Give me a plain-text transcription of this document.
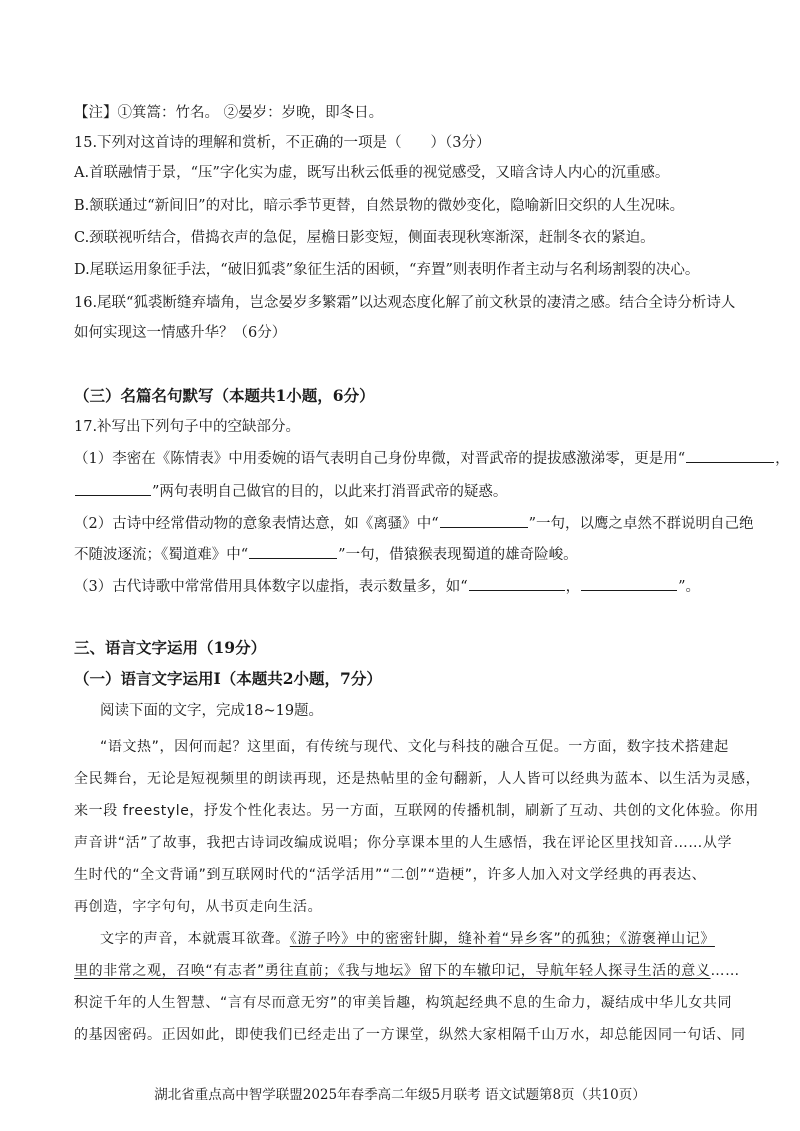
【注】①箕篙：竹名。 ②晏岁：岁晚，即冬日。
15.下列对这首诗的理解和赏析，不正确的一项是（　　）（3分）
A.首联融情于景，“压”字化实为虚，既写出秋云低垂的视觉感受，又暗含诗人内心的沉重感。
B.颔联通过“新间旧”的对比，暗示季节更替，自然景物的微妙变化，隐喻新旧交织的人生况味。
C.颈联视听结合，借捣衣声的急促，屋檐日影变短，侧面表现秋寒渐深，赶制冬衣的紧迫。
D.尾联运用象征手法，“破旧狐裘”象征生活的困顿，“弃置”则表明作者主动与名利场割裂的决心。
16.尾联“狐裘断缝弃墙角，岂念晏岁多繁霜”以达观态度化解了前文秋景的凄清之感。结合全诗分析诗人
如何实现这一情感升华？（6分）
（三）名篇名句默写（本题共1小题，6分）
17.补写出下列句子中的空缺部分。
（1）李密在《陈情表》中用委婉的语气表明自己身份卑微，对晋武帝的提拔感激涕零，更是用“	，
”两句表明自己做官的目的，以此来打消晋武帝的疑惑。
（2）古诗中经常借动物的意象表情达意，如《离骚》中“	”一句，以鹰之卓然不群说明自己绝
不随波逐流；《蜀道难》中“	”一句，借猿猴表现蜀道的雄奇险峻。
（3）古代诗歌中常常借用具体数字以虚指，表示数量多，如“	，	”。
三、语言文字运用（19分）
（一）语言文字运用Ⅰ（本题共2小题，7分）
阅读下面的文字，完成18~19题。
“语文热”，因何而起？这里面，有传统与现代、文化与科技的融合互促。一方面，数字技术搭建起
全民舞台，无论是短视频里的朗读再现，还是热帖里的金句翻新，人人皆可以经典为蓝本、以生活为灵感，
来一段 freestyle，抒发个性化表达。另一方面，互联网的传播机制，刷新了互动、共创的文化体验。你用
声音讲“活”了故事，我把古诗词改编成说唱；你分享课本里的人生感悟，我在评论区里找知音……从学
生时代的“全文背诵”到互联网时代的“活学活用”“二创”“造梗”，许多人加入对文学经典的再表达、
再创造，字字句句，从书页走向生活。
文字的声音，本就震耳欲聋。《游子吟》中的密密针脚，缝补着“异乡客”的孤独；《游褒禅山记》
里的非常之观，召唤“有志者”勇往直前；《我与地坛》留下的车辙印记，导航年轻人探寻生活的意义……
积淀千年的人生智慧、“言有尽而意无穷”的审美旨趣，构筑起经典不息的生命力，凝结成中华儿女共同
的基因密码。正因如此，即使我们已经走出了一方课堂，纵然大家相隔千山万水，却总能因同一句话、同
湖北省重点高中智学联盟2025年春季高二年级5月联考 语文试题第8页（共10页）
